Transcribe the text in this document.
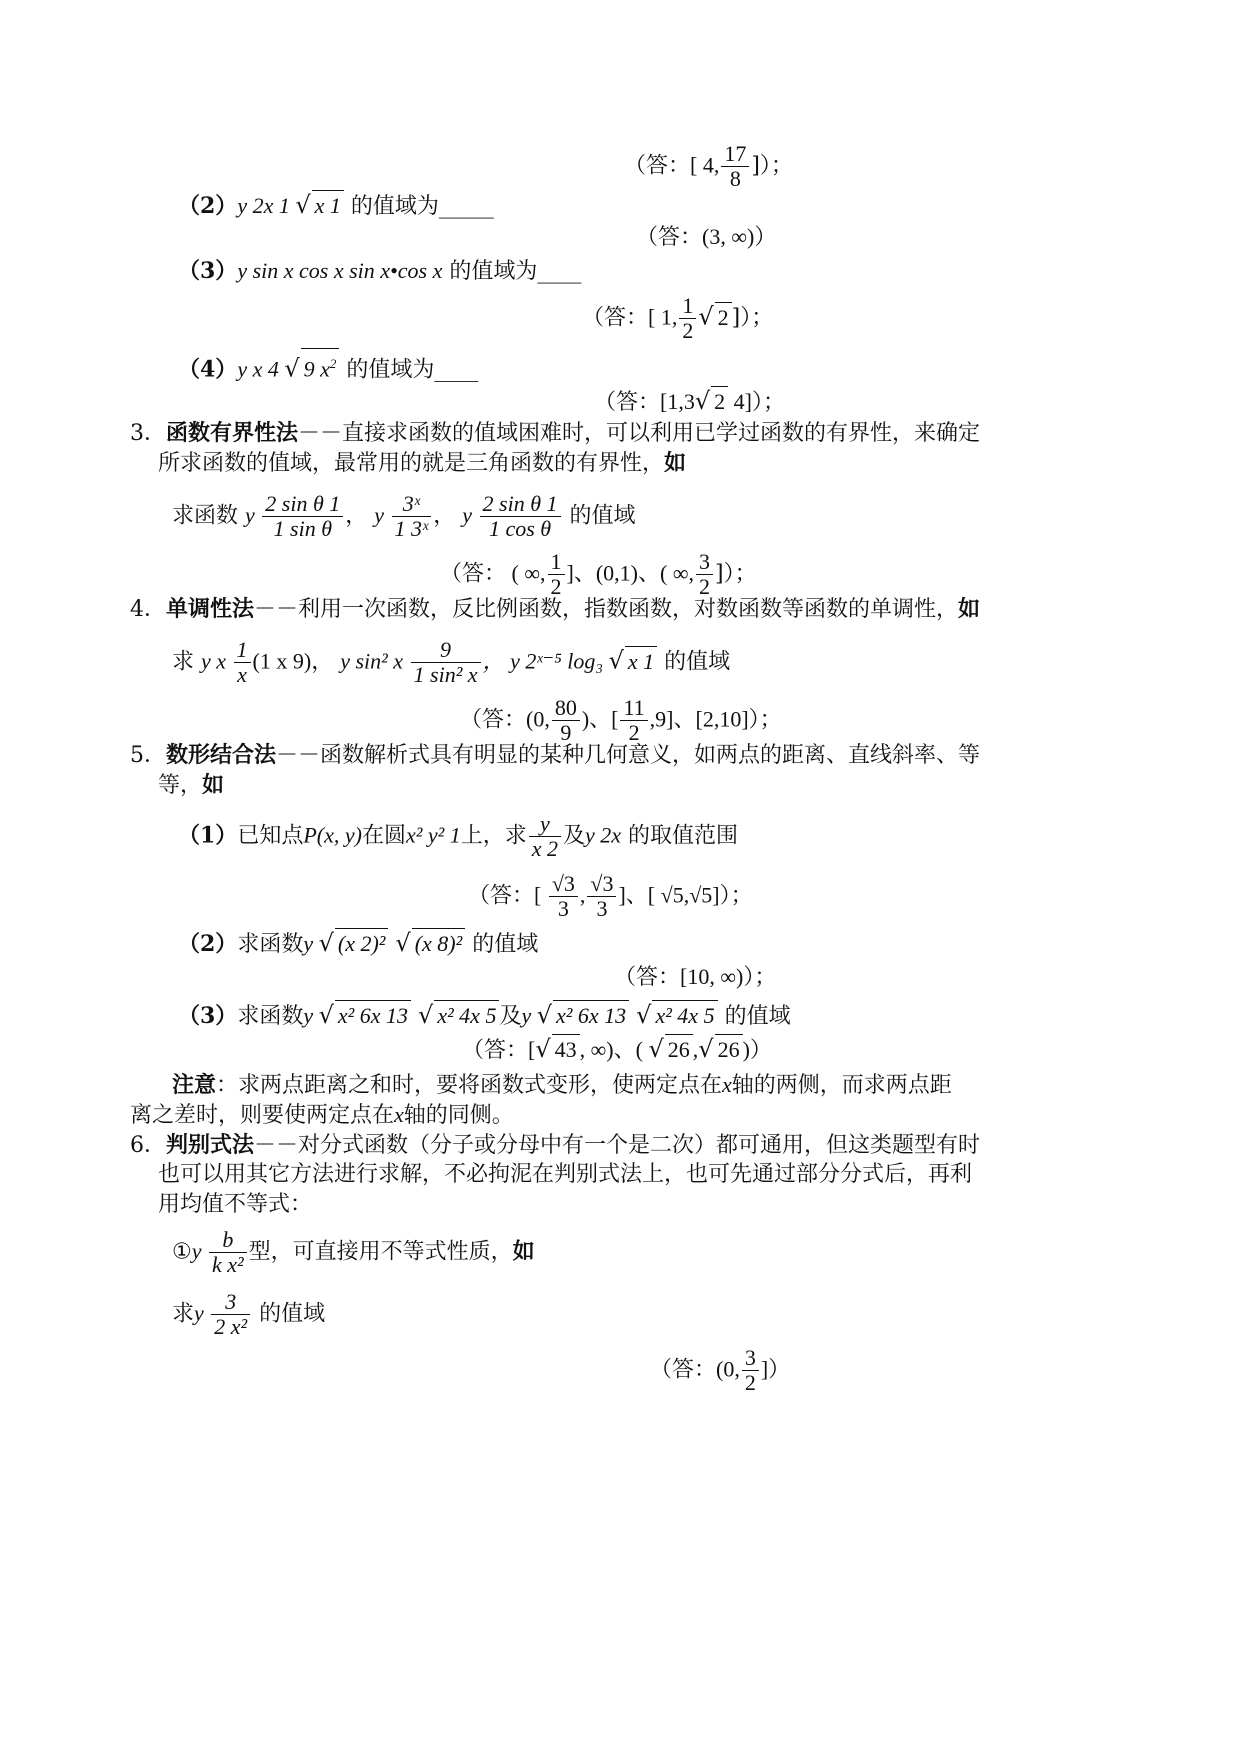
（答：[ 4, $\frac{17}{8}$ ]）；
（2）y 2x 1 √ x 1 的值域为_____
（答：(3, ∞)）
（3）y sin x cos x sin x•cos x 的值域为____
（答：[ 1, $\frac{1}{2}$ √ 2 ]）；
（4）y x 4 √ 9 $x^2$ 的值域为____
（答：[1,3√ 2 4]）；
3．函数有界性法－－直接求函数的值域困难时，可以利用已学过函数的有界性，来确定
所求函数的值域，最常用的就是三角函数的有界性，如
求函数 y $\frac{\text{2 sin θ 1}}{\text{1 sin θ}}$ ， y $\frac{\text{3ˣ}}{\text{1 3ˣ}}$ ， y $\frac{\text{2 sin θ 1}}{\text{1 cos θ}}$ 的值域
（答： ( ∞, $\frac{1}{2}$ ]、(0,1)、( ∞, $\frac{3}{2}$ ]）；
4．单调性法－－利用一次函数，反比例函数，指数函数，对数函数等函数的单调性，如
求 y x $\frac{1}{x} (1$ x 9)， y sin² x $\frac{9}{\text{1 sin² x}}$ ， y 2ˣ⁻⁵ log₃ √ x 1 的值域
（答：(0, $\frac{80}{9}$ )、[ $\frac{11}{2} ,9$]、[2,10]）；
5．数形结合法－－函数解析式具有明显的某种几何意义，如两点的距离、直线斜率、等
等，如
（1）已知点P(x, y)在圆x² y² 1上，求 $\frac{y}{x 2}$ 及y 2x 的取值范围
（答：[ $\frac{√3}{3}$ , $\frac{√3}{3}$ ]、[ √5,√5]）；
（2）求函数y √ (x 2)² √ (x 8)² 的值域
（答：[10, ∞)）；
（3）求函数y √ x² 6x 13 √ x² 4x 5 及y √ x² 6x 13 √ x² 4x 5 的值域
（答：[√ 43 , ∞)、( √ 26 ,√ 26 )）
注意：求两点距离之和时，要将函数式变形，使两定点在x轴的两侧，而求两点距
离之差时，则要使两定点在x轴的同侧。
6．判别式法－－对分式函数（分子或分母中有一个是二次）都可通用，但这类题型有时
也可以用其它方法进行求解，不必拘泥在判别式法上，也可先通过部分分式后，再利
用均值不等式：
①y $\frac{b}{\text{k x²}}$ 型，可直接用不等式性质，如
求y $\frac{3}{\text{2 x²}}$ 的值域
（答：(0, $\frac{3}{2}$ ]）
